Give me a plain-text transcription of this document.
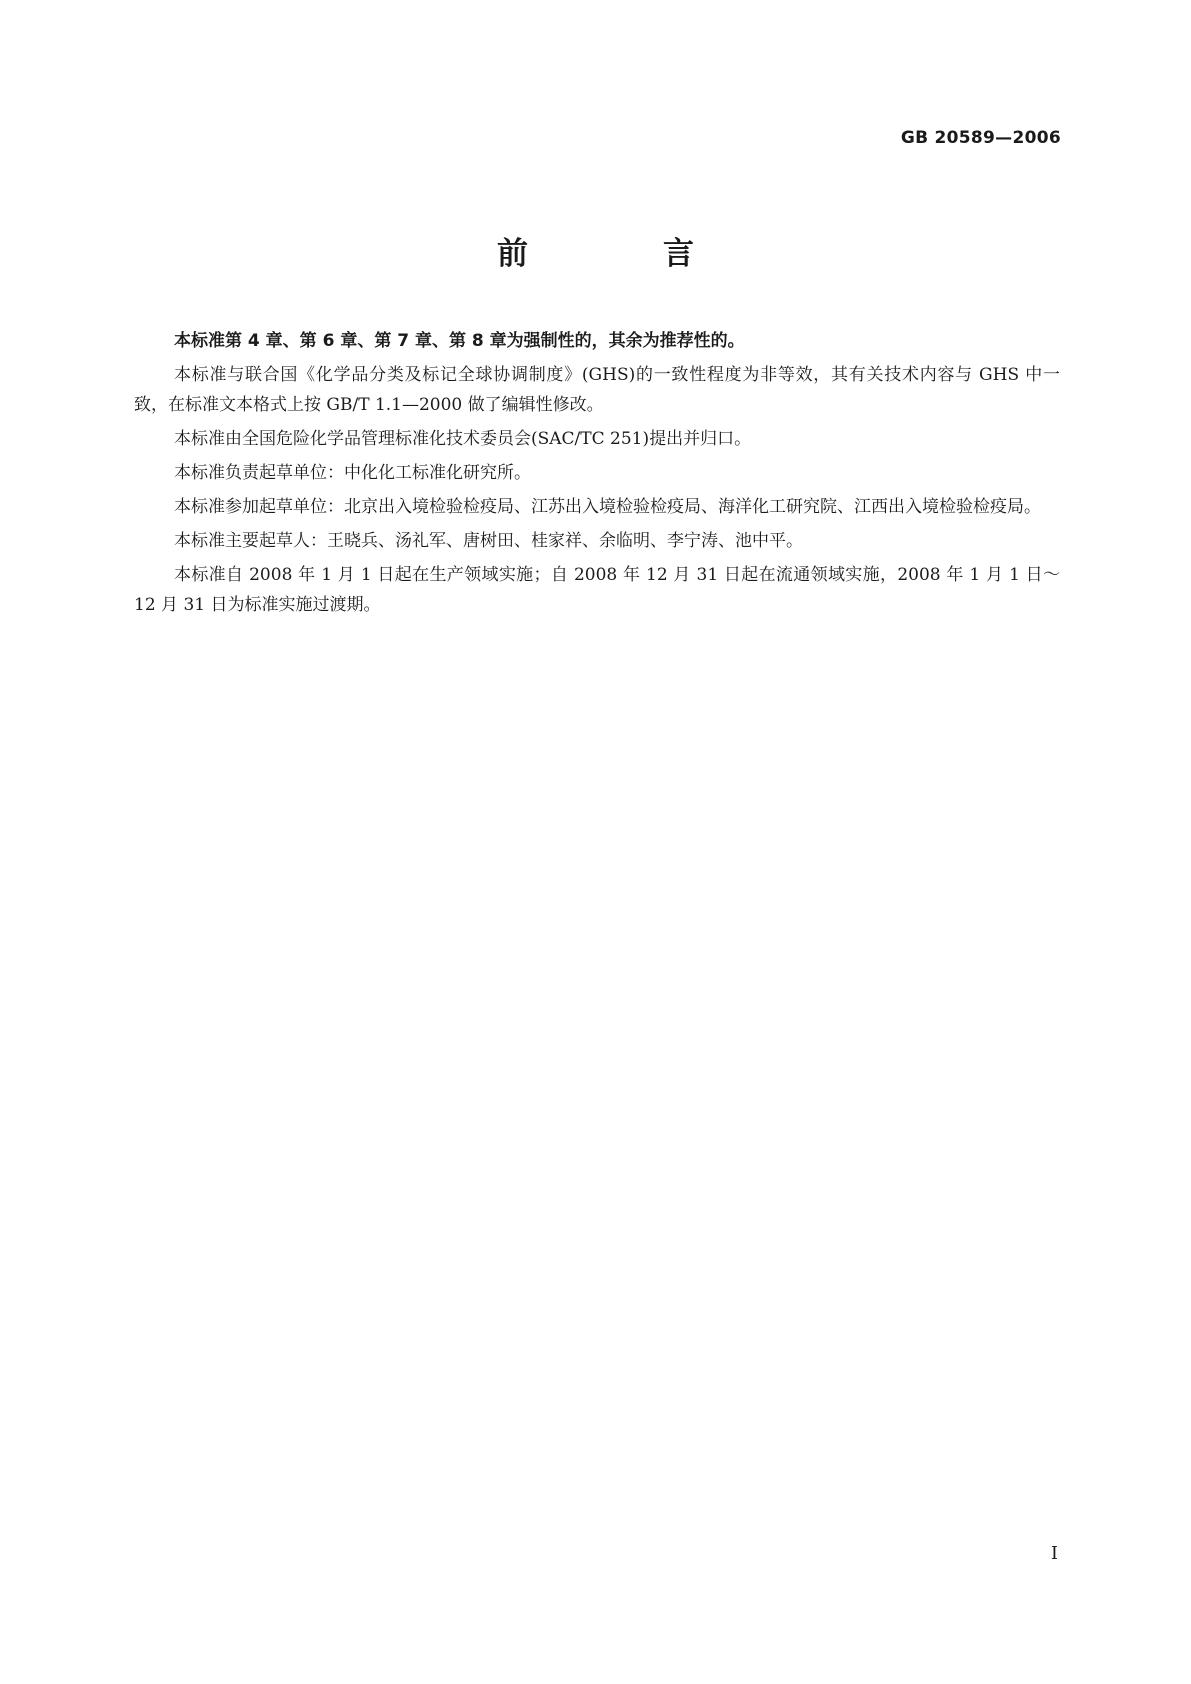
GB 20589—2006
前　言

本标准第 4 章、第 6 章、第 7 章、第 8 章为强制性的，其余为推荐性的。

本标准与联合国《化学品分类及标记全球协调制度》(GHS)的一致性程度为非等效，其有关技术内容与 GHS 中一致，在标准文本格式上按 GB/T 1.1—2000 做了编辑性修改。

本标准由全国危险化学品管理标准化技术委员会(SAC/TC 251)提出并归口。

本标准负责起草单位：中化化工标准化研究所。

本标准参加起草单位：北京出入境检验检疫局、江苏出入境检验检疫局、海洋化工研究院、江西出入境检验检疫局。

本标准主要起草人：王晓兵、汤礼军、唐树田、桂家祥、余临明、李宁涛、池中平。

本标准自 2008 年 1 月 1 日起在生产领域实施；自 2008 年 12 月 31 日起在流通领域实施，2008 年 1 月 1 日～12 月 31 日为标准实施过渡期。

I
